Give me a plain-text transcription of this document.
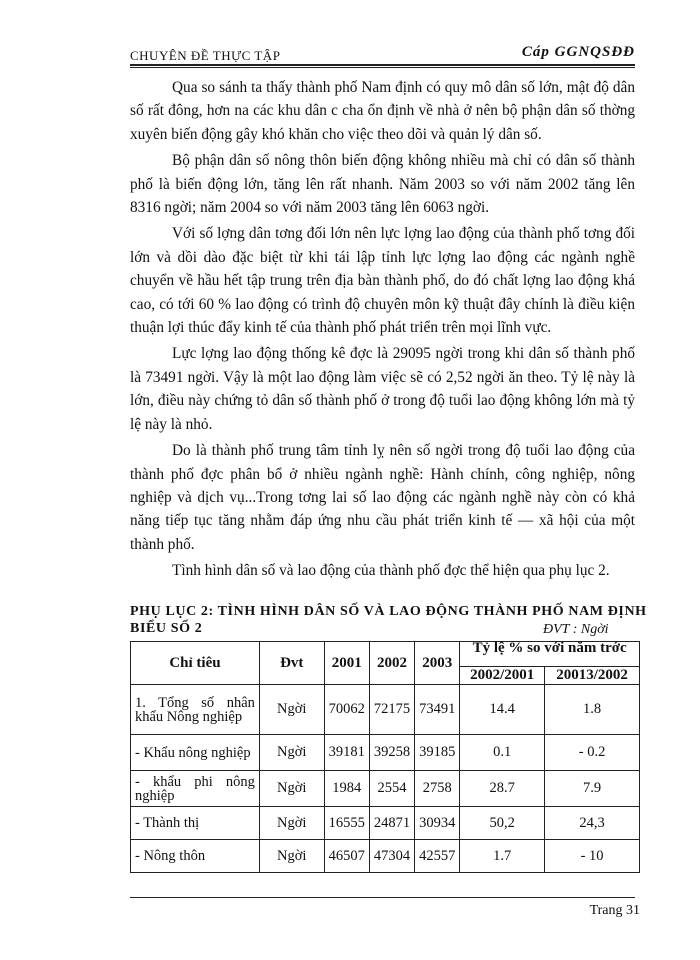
CHUYÊN ĐỀ THỰC TẬP	Cáp GGNQSĐĐ

Qua so sánh ta thấy thành phố Nam định có quy mô dân số lớn, mật độ dân số rất đông, hơn na các khu dân c cha ổn định về nhà ở nên bộ phận dân số thờng xuyên biến động gây khó khăn cho việc theo dõi và quản lý dân số.

Bộ phận dân số nông thôn biến động không nhiều mà chỉ có dân số thành phố là biến động lớn, tăng lên rất nhanh. Năm 2003 so với năm 2002 tăng lên 8316 ngời; năm 2004 so với năm 2003 tăng lên 6063 ngời.

Với số lợng dân tơng đối lớn nên lực lợng lao động của thành phố tơng đối lớn và dồi dào đặc biệt từ khi tái lập tỉnh lực lợng lao động các ngành nghề chuyển về hầu hết tập trung trên địa bàn thành phố, do đó chất lợng lao động khá cao, có tới 60 % lao động có trình độ chuyên môn kỹ thuật đây chính là điều kiện thuận lợi thúc đẩy kinh tế của thành phố phát triển trên mọi lĩnh vực.

Lực lợng lao động thống kê đợc là 29095 ngời trong khi dân số thành phố là 73491 ngời. Vậy là một lao động làm việc sẽ có 2,52 ngời ăn theo. Tỷ lệ này là lớn, điều này chứng tỏ dân số thành phố ở trong độ tuổi lao động không lớn mà tỷ lệ này là nhỏ.

Do là thành phố trung tâm tỉnh lỵ nên số ngời trong độ tuổi lao động của thành phố đợc phân bổ ở nhiều ngành nghề: Hành chính, công nghiệp, nông nghiệp và dịch vụ...Trong tơng lai số lao động các ngành nghề này còn có khả năng tiếp tục tăng nhằm đáp ứng nhu cầu phát triển kinh tế — xã hội của một thành phố.

Tình hình dân số và lao động của thành phố đợc thể hiện qua phụ lục 2.

PHỤ LỤC 2: TÌNH HÌNH DÂN SỐ VÀ LAO ĐỘNG THÀNH PHỐ NAM ĐỊNH
BIỂU SỐ 2	ĐVT : Ngời
Chỉ tiêu	Đvt	2001	2002	2003	Tỷ lệ % so với năm trớc	
					2002/2001	20013/2002
1. Tổng số nhân khẩu Nông nghiệp	Ngời	70062	72175	73491	14.4	1.8
- Khẩu nông nghiệp	Ngời	39181	39258	39185	0.1	- 0.2
- khẩu phi nông nghiệp	Ngời	1984	2554	2758	28.7	7.9
- Thành thị	Ngời	16555	24871	30934	50,2	24,3
- Nông thôn	Ngời	46507	47304	42557	1.7	- 10
Trang 31
